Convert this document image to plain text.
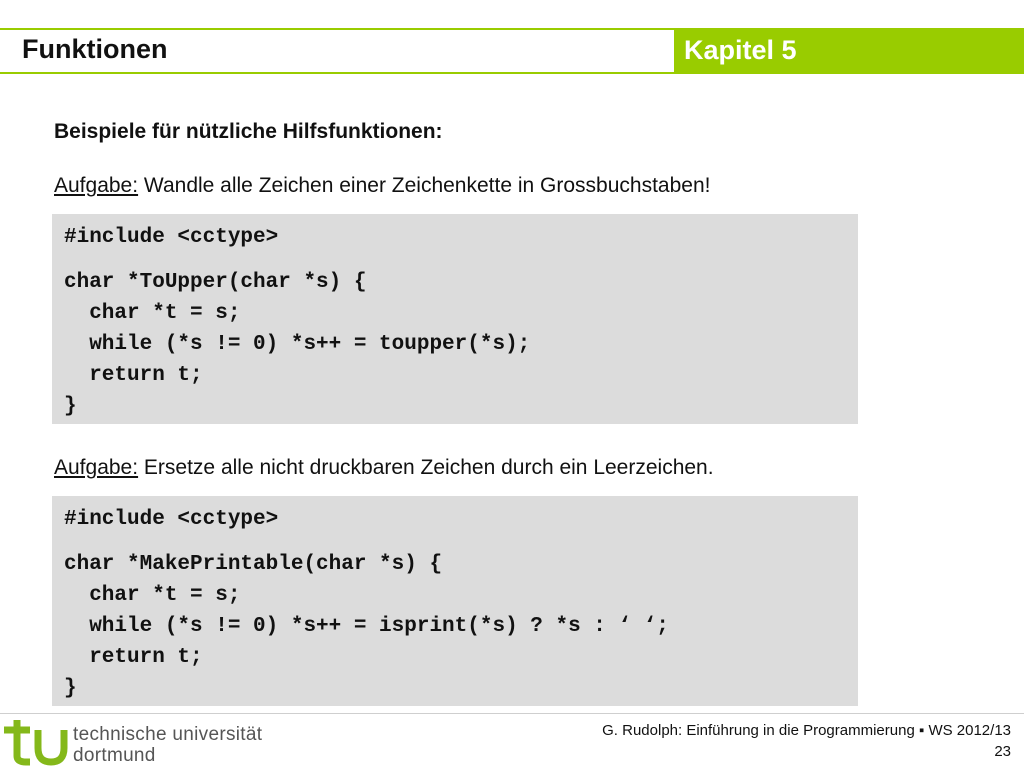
Funktionen	Kapitel 5
Beispiele für nützliche Hilfsfunktionen:
Aufgabe: Wandle alle Zeichen einer Zeichenkette in Grossbuchstaben!
#include <cctype>
char *ToUpper(char *s) {
char *t = s;
while (*s != 0) *s++ = toupper(*s);
return t;
}
Aufgabe: Ersetze alle nicht druckbaren Zeichen durch ein Leerzeichen.
#include <cctype>
char *MakePrintable(char *s) {
char *t = s;
while (*s != 0) *s++ = isprint(*s) ? *s : ‘ ‘;
return t;
}
technische universität
dortmund
G. Rudolph: Einführung in die Programmierung ▪ WS 2012/13
23
